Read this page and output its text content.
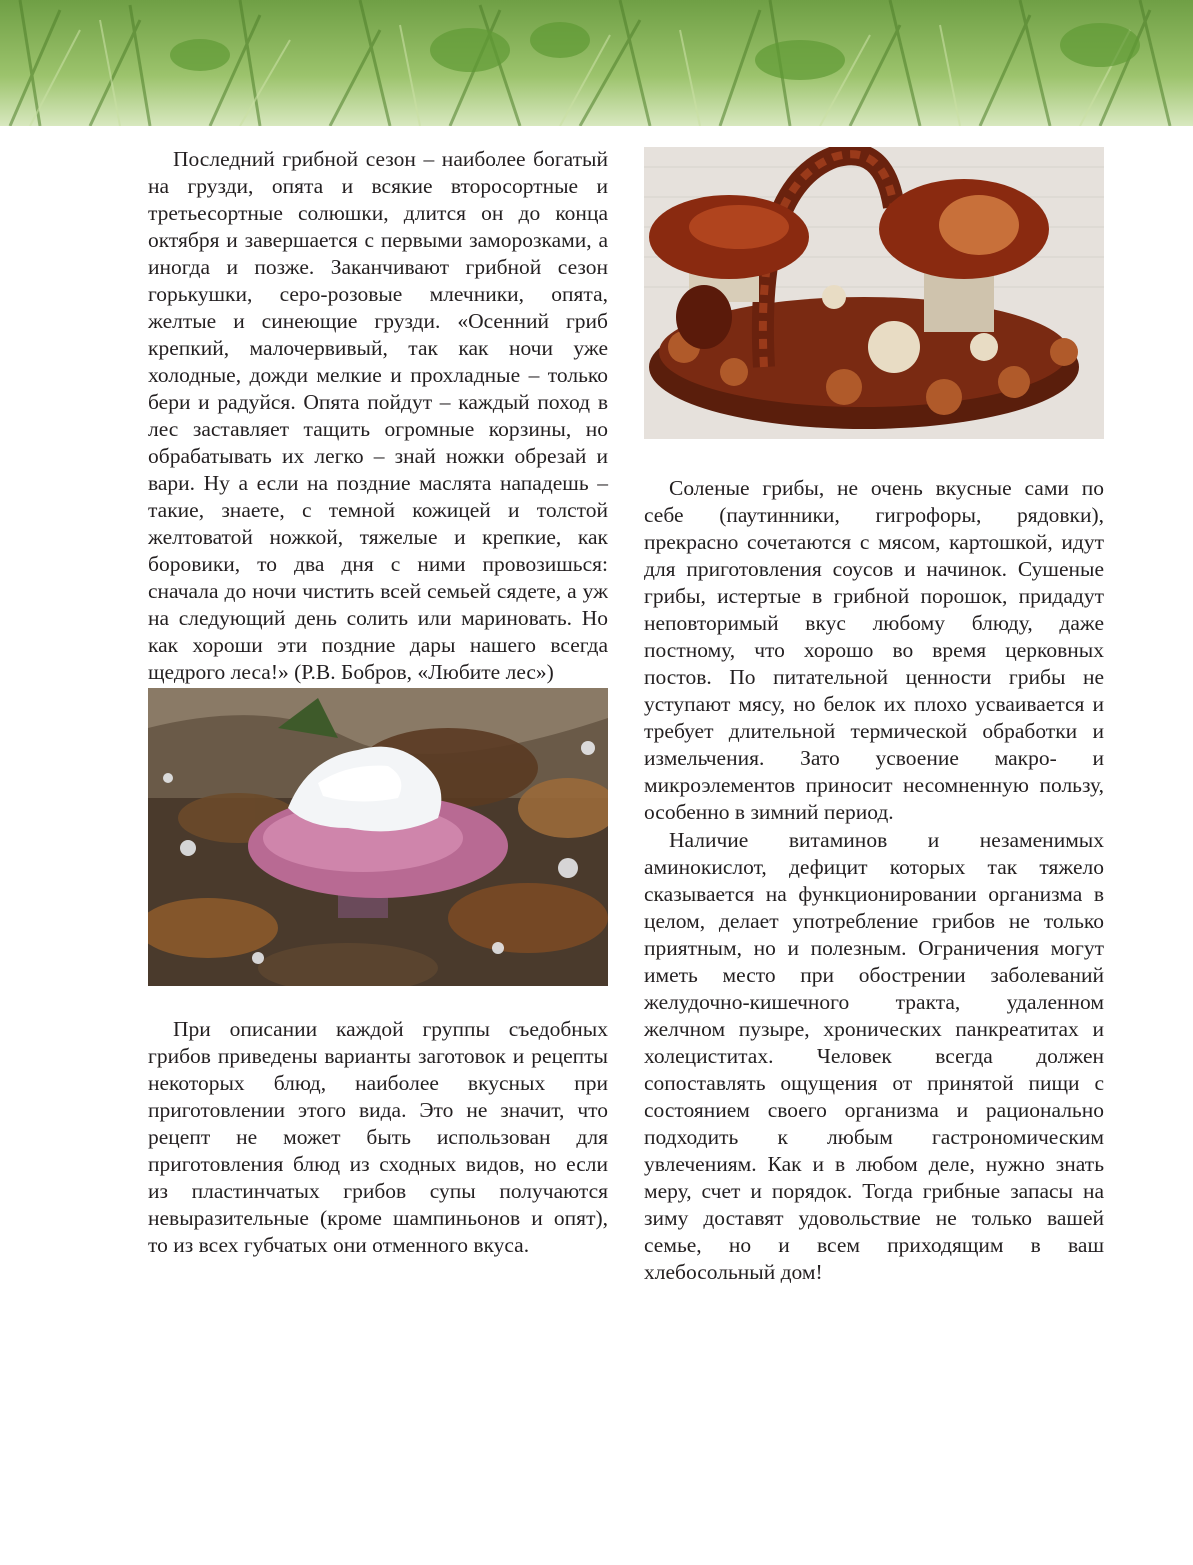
Последний грибной сезон – наиболее богатый на грузди, опята и всякие второсортные и третьесортные солюшки, длится он до конца октября и завершается с первыми заморозками, а иногда и позже. Заканчивают грибной сезон горькушки, серо-розовые млечники, опята, желтые и синеющие грузди. «Осенний гриб крепкий, малочервивый, так как ночи уже холодные, дожди мелкие и прохладные – только бери и радуйся. Опята пойдут – каждый поход в лес заставляет тащить огромные корзины, но обрабатывать их легко – знай ножки обрезай и вари. Ну а если на поздние маслята нападешь – такие, знаете, с темной кожицей и толстой желтоватой ножкой, тяжелые и крепкие, как боровики, то два дня с ними провозишься: сначала до ночи чистить всей семьей сядете, а уж на следующий день солить или мариновать. Но как хороши эти поздние дары нашего всегда щедрого леса!» (Р.В. Бобров, «Любите лес»)

При описании каждой группы съедобных грибов приведены варианты заготовок и рецепты некоторых блюд, наиболее вкусных при приготовлении этого вида. Это не значит, что рецепт не может быть использован для приготовления блюд из сходных видов, но если из пластинчатых грибов супы получаются невыразительные (кроме шампиньонов и опят), то из всех губчатых они отменного вкуса.

Соленые грибы, не очень вкусные сами по себе (паутинники, гигрофоры, рядовки), прекрасно сочетаются с мясом, картошкой, идут для приготовления соусов и начинок. Сушеные грибы, истертые в грибной порошок, придадут неповторимый вкус любому блюду, даже постному, что хорошо во время церковных постов. По питательной ценности грибы не уступают мясу, но белок их плохо усваивается и требует длительной термической обработки и измельчения. Зато усвоение макро- и микроэлементов приносит несомненную пользу, особенно в зимний период.

Наличие витаминов и незаменимых аминокислот, дефицит которых так тяжело сказывается на функционировании организма в целом, делает употребление грибов не только приятным, но и полезным. Ограничения могут иметь место при обострении заболеваний желудочно-кишечного тракта, удаленном желчном пузыре, хронических панкреатитах и холециститах. Человек всегда должен сопоставлять ощущения от принятой пищи с состоянием своего организма и рационально подходить к любым гастрономическим увлечениям. Как и в любом деле, нужно знать меру, счет и порядок. Тогда грибные запасы на зиму доставят удовольствие не только вашей семье, но и всем приходящим в ваш хлебосольный дом!
